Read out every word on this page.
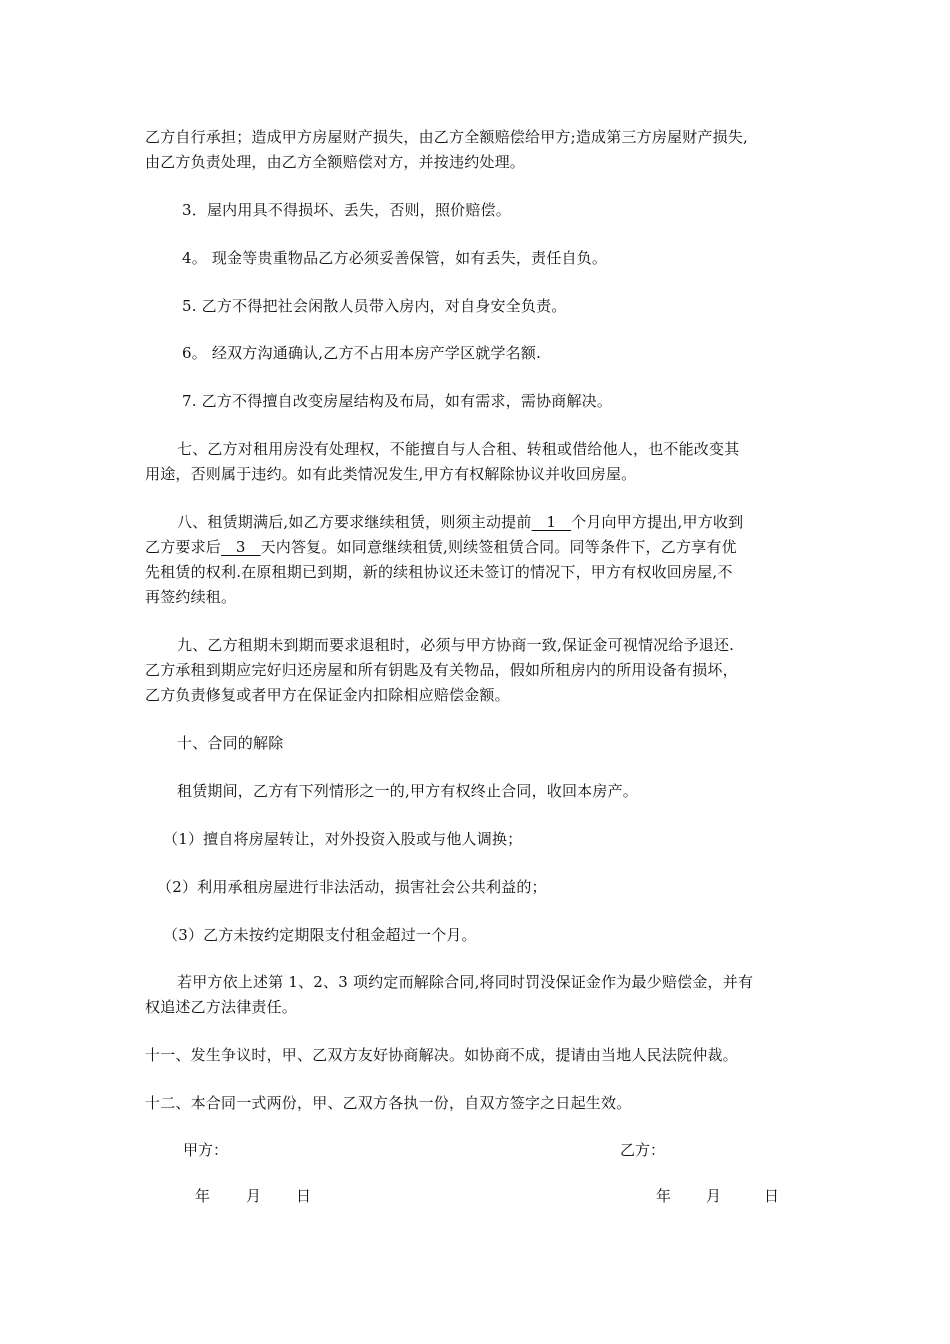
乙方自行承担；造成甲方房屋财产损失，由乙方全额赔偿给甲方;造成第三方房屋财产损失,
由乙方负责处理，由乙方全额赔偿对方，并按违约处理。
3．屋内用具不得损坏、丢失，否则，照价赔偿。
4。 现金等贵重物品乙方必须妥善保管，如有丢失，责任自负。
5. 乙方不得把社会闲散人员带入房内，对自身安全负责。
6。 经双方沟通确认,乙方不占用本房产学区就学名额.
7. 乙方不得擅自改变房屋结构及布局，如有需求，需协商解决。
七、乙方对租用房没有处理权，不能擅自与人合租、转租或借给他人，也不能改变其
用途，否则属于违约。如有此类情况发生,甲方有权解除协议并收回房屋。
八、租赁期满后,如乙方要求继续租赁，则须主动提前   1   个月向甲方提出,甲方收到
乙方要求后   3   天内答复。如同意继续租赁,则续签租赁合同。同等条件下，乙方享有优
先租赁的权利.在原租期已到期，新的续租协议还未签订的情况下，甲方有权收回房屋,不
再签约续租。
九、乙方租期未到期而要求退租时，必须与甲方协商一致,保证金可视情况给予退还.
乙方承租到期应完好归还房屋和所有钥匙及有关物品，假如所租房内的所用设备有损坏，
乙方负责修复或者甲方在保证金内扣除相应赔偿金额。
十、合同的解除
租赁期间，乙方有下列情形之一的,甲方有权终止合同，收回本房产。
（1）擅自将房屋转让，对外投资入股或与他人调换；
（2）利用承租房屋进行非法活动，损害社会公共利益的；
（3）乙方未按约定期限支付租金超过一个月。
若甲方依上述第 1、2、3 项约定而解除合同,将同时罚没保证金作为最少赔偿金，并有
权追述乙方法律责任。
十一、发生争议时，甲、乙双方友好协商解决。如协商不成，提请由当地人民法院仲裁。
十二、本合同一式两份，甲、乙双方各执一份，自双方签字之日起生效。
甲方：	乙方：
年 月 日	年 月	日
